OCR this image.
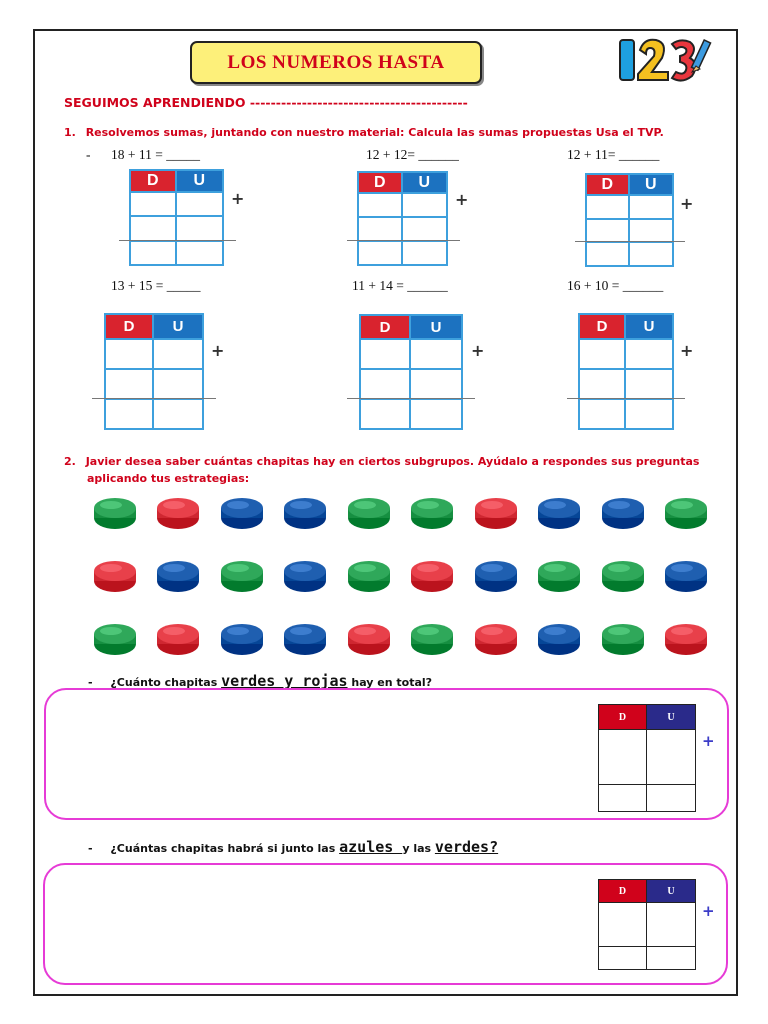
LOS NUMEROS HASTA
SEGUIMOS APRENDIENDO ------------------------------------------
1. Resolvemos sumas, juntando con nuestro material: Calcula las sumas propuestas Usa el TVP.
- 18 + 11 = _____	12 + 12= ______	12 + 11= ______
13 + 15 = _____	11 + 14 = ______	16 + 10 = ______
D	U
+
D	U
+
D	U
+
D	U
+
D	U
+
D	U
+
2. Javier desea saber cuántas chapitas hay en ciertos subgrupos. Ayúdalo a respondes sus preguntas
aplicando tus estrategias:
- ¿Cuánto chapitas verdes y rojas hay en total?
D	U
+
- ¿Cuántas chapitas habrá si junto las azules y las verdes?
D	U
+
